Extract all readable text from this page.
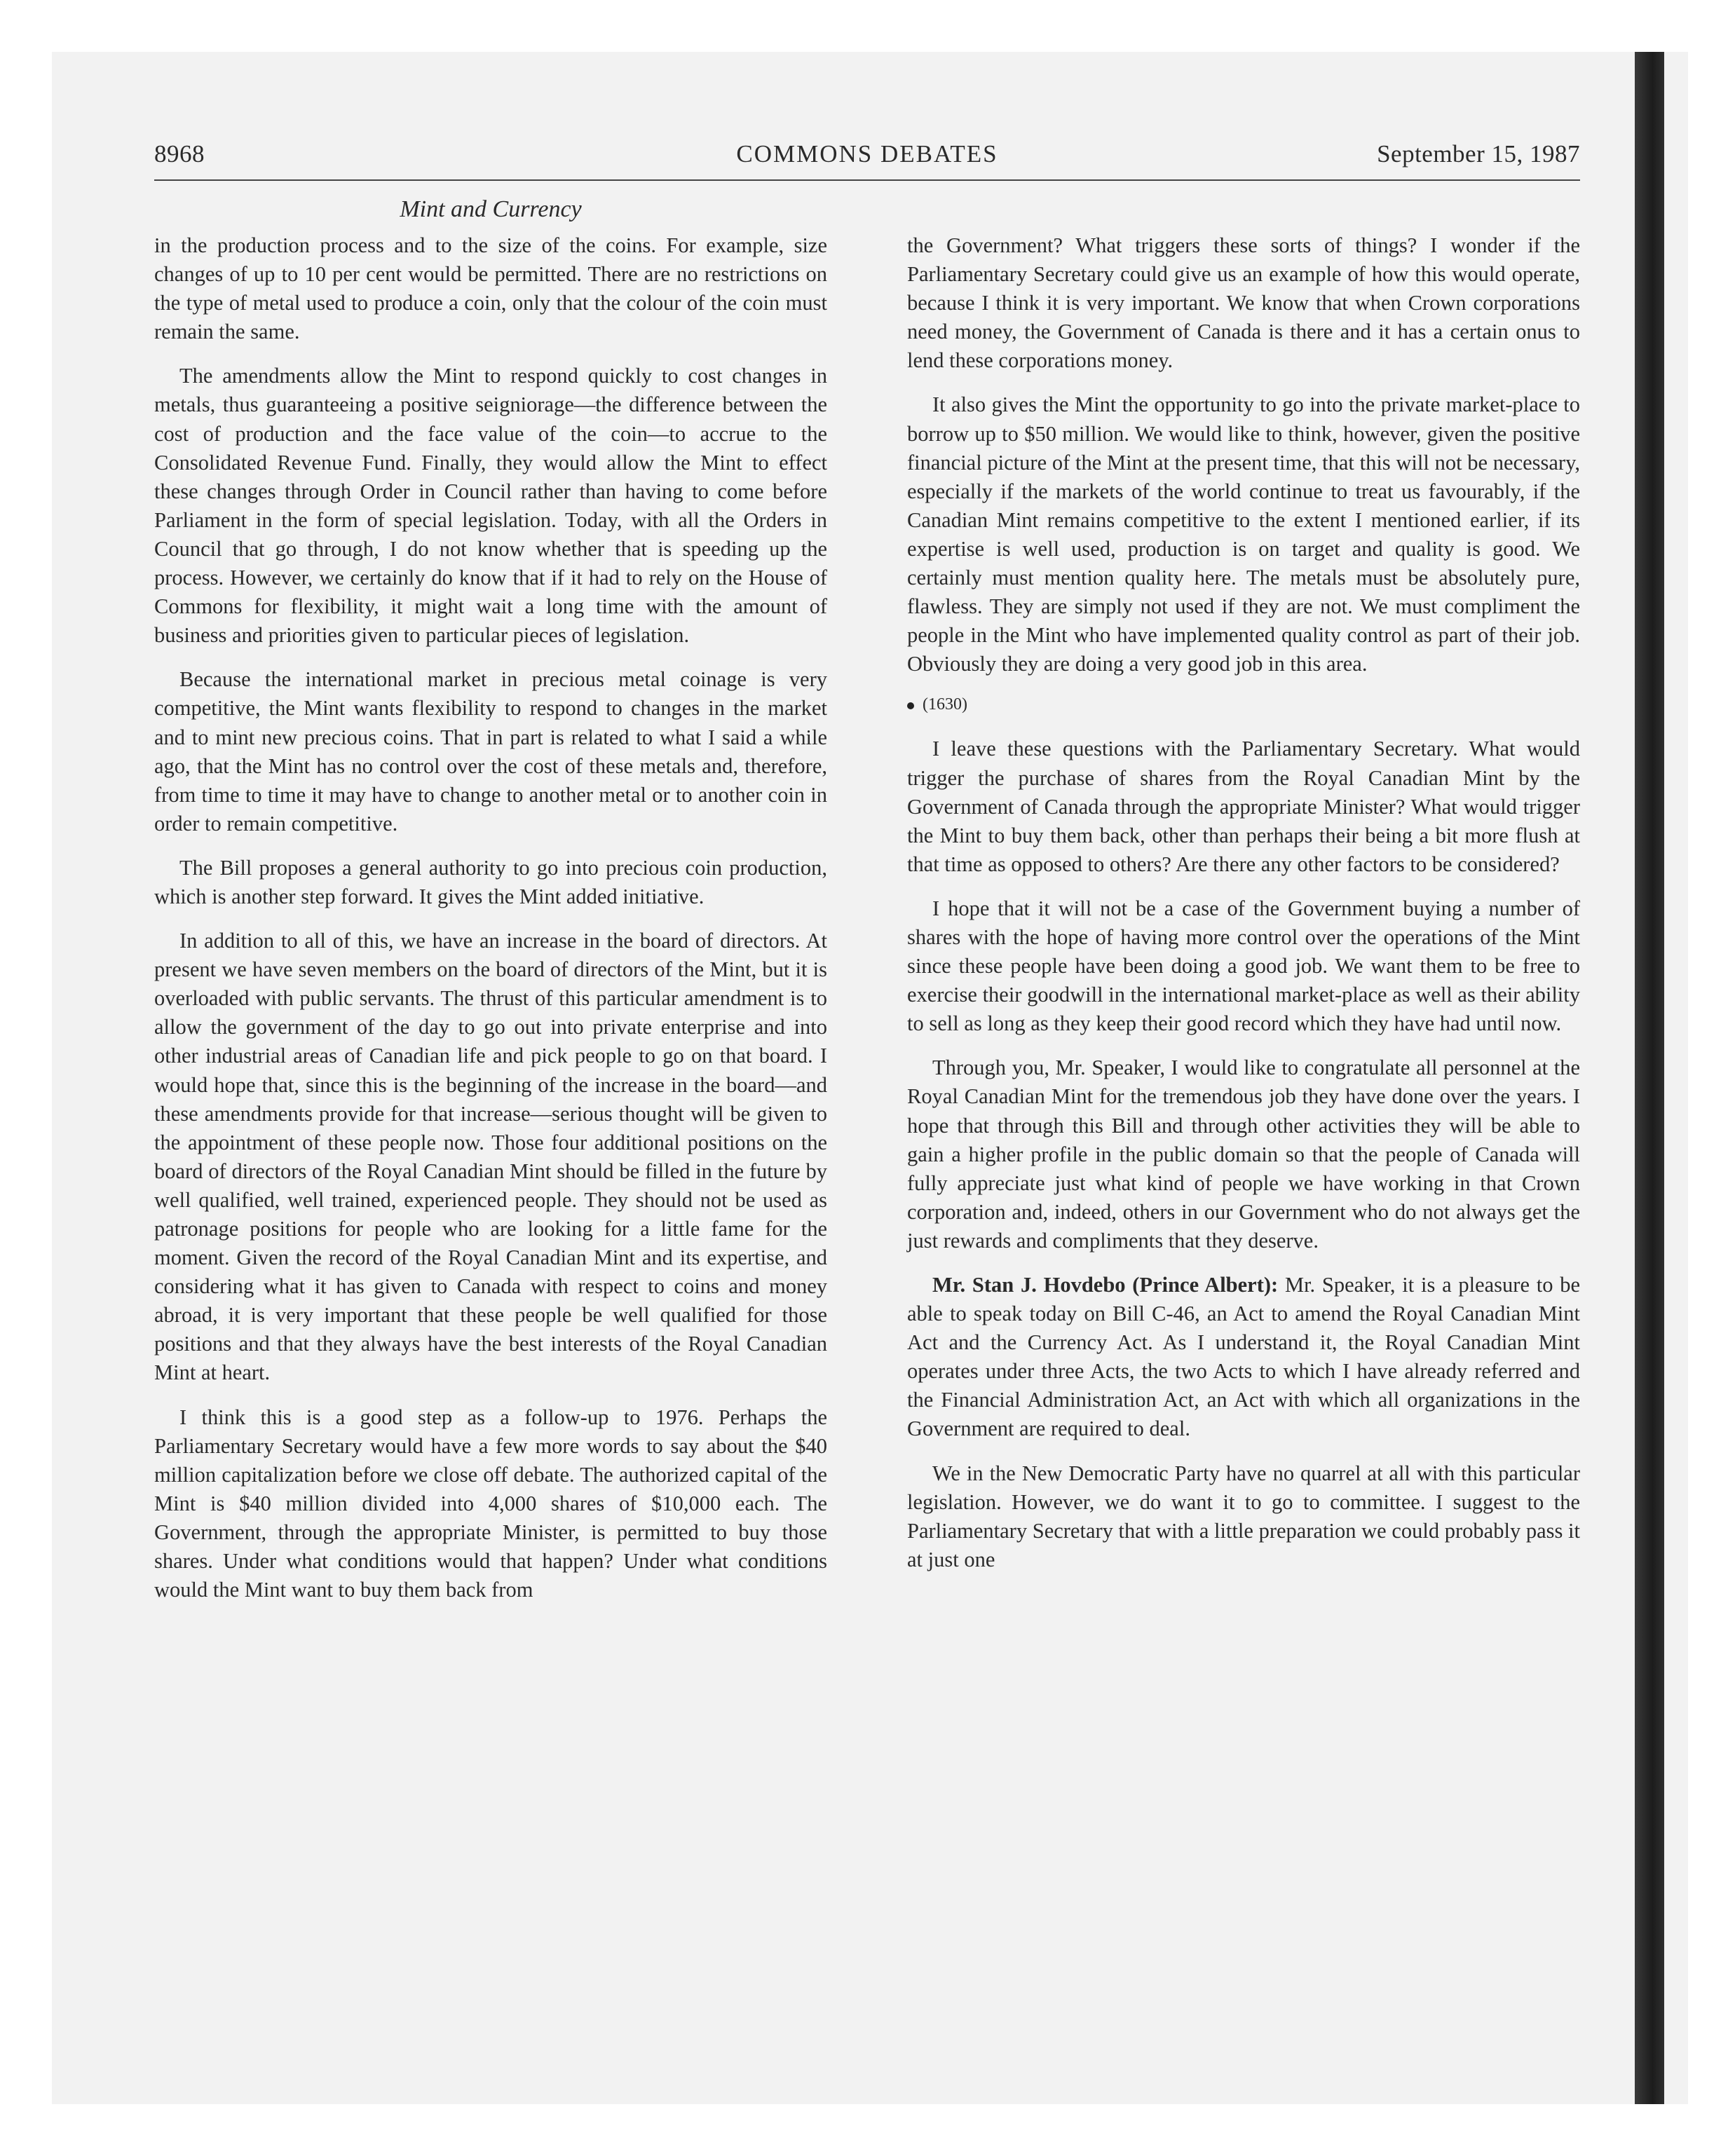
8968	COMMONS DEBATES	September 15, 1987
Mint and Currency

in the production process and to the size of the coins. For example, size changes of up to 10 per cent would be permitted. There are no restrictions on the type of metal used to produce a coin, only that the colour of the coin must remain the same.

The amendments allow the Mint to respond quickly to cost changes in metals, thus guaranteeing a positive seigniorage—the difference between the cost of production and the face value of the coin—to accrue to the Consolidated Revenue Fund. Finally, they would allow the Mint to effect these changes through Order in Council rather than having to come before Parliament in the form of special legislation. Today, with all the Orders in Council that go through, I do not know whether that is speeding up the process. However, we certainly do know that if it had to rely on the House of Commons for flexibility, it might wait a long time with the amount of business and priorities given to particular pieces of legislation.

Because the international market in precious metal coinage is very competitive, the Mint wants flexibility to respond to changes in the market and to mint new precious coins. That in part is related to what I said a while ago, that the Mint has no control over the cost of these metals and, therefore, from time to time it may have to change to another metal or to another coin in order to remain competitive.

The Bill proposes a general authority to go into precious coin production, which is another step forward. It gives the Mint added initiative.

In addition to all of this, we have an increase in the board of directors. At present we have seven members on the board of directors of the Mint, but it is overloaded with public servants. The thrust of this particular amendment is to allow the government of the day to go out into private enterprise and into other industrial areas of Canadian life and pick people to go on that board. I would hope that, since this is the beginning of the increase in the board—and these amendments provide for that increase—serious thought will be given to the appointment of these people now. Those four additional positions on the board of directors of the Royal Canadian Mint should be filled in the future by well qualified, well trained, experienced people. They should not be used as patronage positions for people who are looking for a little fame for the moment. Given the record of the Royal Canadian Mint and its expertise, and considering what it has given to Canada with respect to coins and money abroad, it is very important that these people be well qualified for those positions and that they always have the best interests of the Royal Canadian Mint at heart.

I think this is a good step as a follow-up to 1976. Perhaps the Parliamentary Secretary would have a few more words to say about the $40 million capitalization before we close off debate. The authorized capital of the Mint is $40 million divided into 4,000 shares of $10,000 each. The Government, through the appropriate Minister, is permitted to buy those shares. Under what conditions would that happen? Under what conditions would the Mint want to buy them back from

the Government? What triggers these sorts of things? I wonder if the Parliamentary Secretary could give us an example of how this would operate, because I think it is very important. We know that when Crown corporations need money, the Government of Canada is there and it has a certain onus to lend these corporations money.

It also gives the Mint the opportunity to go into the private market-place to borrow up to $50 million. We would like to think, however, given the positive financial picture of the Mint at the present time, that this will not be necessary, especially if the markets of the world continue to treat us favourably, if the Canadian Mint remains competitive to the extent I mentioned earlier, if its expertise is well used, production is on target and quality is good. We certainly must mention quality here. The metals must be absolutely pure, flawless. They are simply not used if they are not. We must compliment the people in the Mint who have implemented quality control as part of their job. Obviously they are doing a very good job in this area.

(1630)

I leave these questions with the Parliamentary Secretary. What would trigger the purchase of shares from the Royal Canadian Mint by the Government of Canada through the appropriate Minister? What would trigger the Mint to buy them back, other than perhaps their being a bit more flush at that time as opposed to others? Are there any other factors to be considered?

I hope that it will not be a case of the Government buying a number of shares with the hope of having more control over the operations of the Mint since these people have been doing a good job. We want them to be free to exercise their goodwill in the international market-place as well as their ability to sell as long as they keep their good record which they have had until now.

Through you, Mr. Speaker, I would like to congratulate all personnel at the Royal Canadian Mint for the tremendous job they have done over the years. I hope that through this Bill and through other activities they will be able to gain a higher profile in the public domain so that the people of Canada will fully appreciate just what kind of people we have working in that Crown corporation and, indeed, others in our Government who do not always get the just rewards and compliments that they deserve.

Mr. Stan J. Hovdebo (Prince Albert): Mr. Speaker, it is a pleasure to be able to speak today on Bill C-46, an Act to amend the Royal Canadian Mint Act and the Currency Act. As I understand it, the Royal Canadian Mint operates under three Acts, the two Acts to which I have already referred and the Financial Administration Act, an Act with which all organizations in the Government are required to deal.

We in the New Democratic Party have no quarrel at all with this particular legislation. However, we do want it to go to committee. I suggest to the Parliamentary Secretary that with a little preparation we could probably pass it at just one
